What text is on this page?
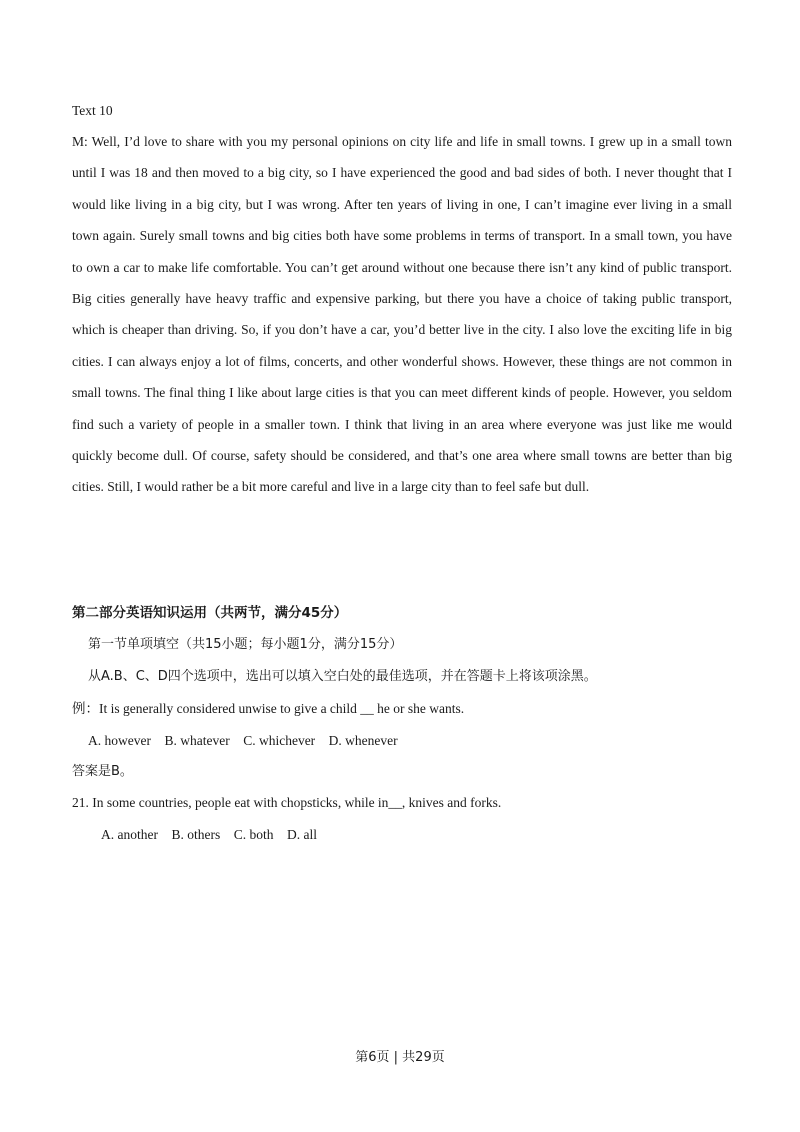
Text 10

M: Well, I’d love to share with you my personal opinions on city life and life in small towns. I grew up in a small town until I was 18 and then moved to a big city, so I have experienced the good and bad sides of both. I never thought that I would like living in a big city, but I was wrong. After ten years of living in one, I can’t imagine ever living in a small town again. Surely small towns and big cities both have some problems in terms of transport. In a small town, you have to own a car to make life comfortable. You can’t get around without one because there isn’t any kind of public transport. Big cities generally have heavy traffic and expensive parking, but there you have a choice of taking public transport, which is cheaper than driving. So, if you don’t have a car, you’d better live in the city. I also love the exciting life in big cities. I can always enjoy a lot of films, concerts, and other wonderful shows. However, these things are not common in small towns. The final thing I like about large cities is that you can meet different kinds of people. However, you seldom find such a variety of people in a smaller town. I think that living in an area where everyone was just like me would quickly become dull. Of course, safety should be considered, and that’s one area where small towns are better than big cities. Still, I would rather be a bit more careful and live in a large city than to feel safe but dull.

第二部分英语知识运用（共两节，满分45分）
第一节单项填空（共15小题；每小题1分，满分15分）
从A.B、C、D四个选项中，选出可以填入空白处的最佳选项，并在答题卡上将该项涂黑。
例：It is generally considered unwise to give a child __ he or she wants.
A. however    B. whatever    C. whichever    D. whenever
答案是B。
21. In some countries, people eat with chopsticks, while in__, knives and forks.
A. another    B. others    C. both    D. all
第6页 | 共29页
